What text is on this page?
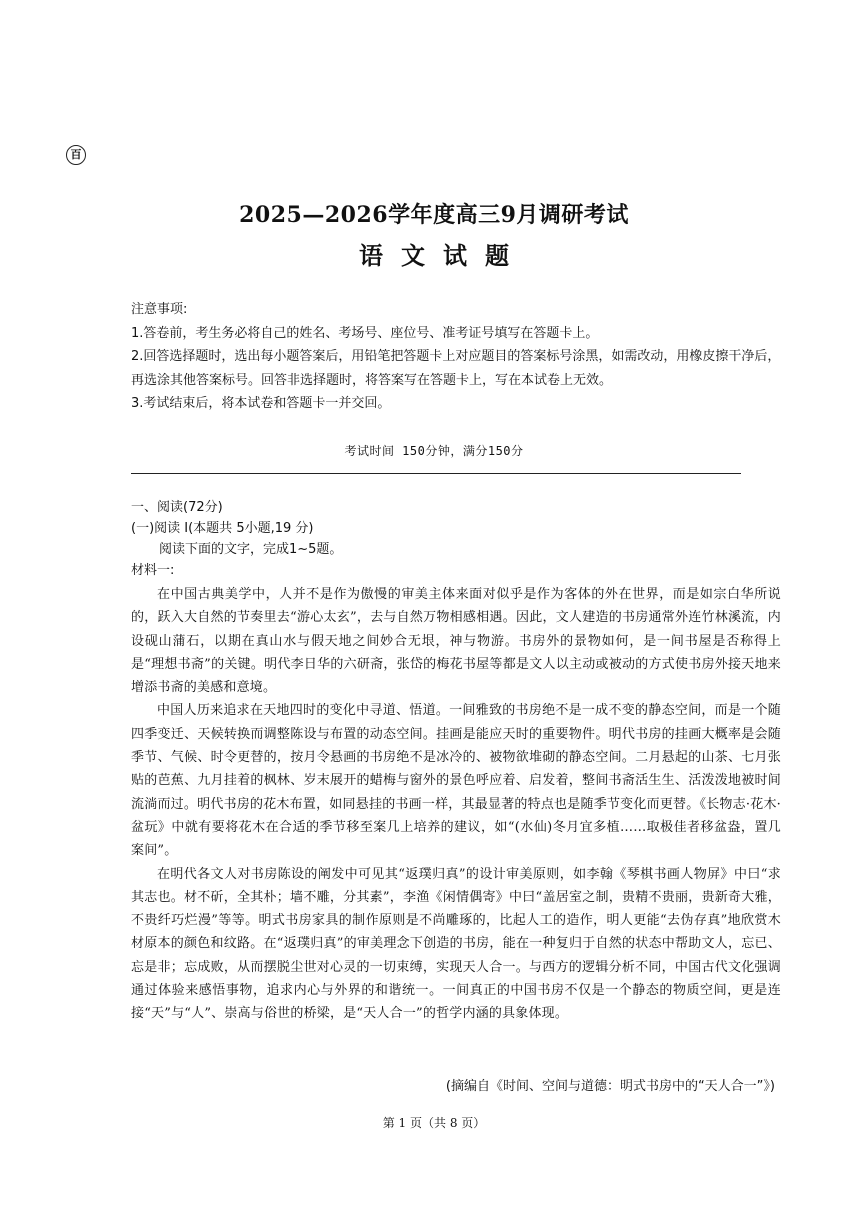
百
2025—2026学年度高三9月调研考试
语文试题

注意事项:

1.答卷前，考生务必将自己的姓名、考场号、座位号、准考证号填写在答题卡上。

2.回答选择题时，选出每小题答案后，用铅笔把答题卡上对应题目的答案标号涂黑，如需改动，用橡皮擦干净后，再选涂其他答案标号。回答非选择题时，将答案写在答题卡上，写在本试卷上无效。

3.考试结束后，将本试卷和答题卡一并交回。

考试时间 150分钟，满分150分

一、阅读(72分)

(一)阅读 Ⅰ(本题共 5小题,19 分)

阅读下面的文字，完成1~5题。

材料一:

在中国古典美学中，人并不是作为傲慢的审美主体来面对似乎是作为客体的外在世界，而是如宗白华所说的，跃入大自然的节奏里去“游心太玄”，去与自然万物相感相遇。因此，文人建造的书房通常外连竹林溪流，内设砚山蒲石，以期在真山水与假天地之间妙合无垠，神与物游。书房外的景物如何，是一间书屋是否称得上是“理想书斋”的关键。明代李日华的六研斋，张岱的梅花书屋等都是文人以主动或被动的方式使书房外接天地来增添书斋的美感和意境。

中国人历来追求在天地四时的变化中寻道、悟道。一间雅致的书房绝不是一成不变的静态空间，而是一个随四季变迁、天候转换而调整陈设与布置的动态空间。挂画是能应天时的重要物件。明代书房的挂画大概率是会随季节、气候、时令更替的，按月令悬画的书房绝不是冰冷的、被物欲堆砌的静态空间。二月悬起的山茶、七月张贴的芭蕉、九月挂着的枫林、岁末展开的蜡梅与窗外的景色呼应着、启发着，整间书斋活生生、活泼泼地被时间流淌而过。明代书房的花木布置，如同悬挂的书画一样，其最显著的特点也是随季节变化而更替。《长物志·花木·盆玩》中就有要将花木在合适的季节移至案几上培养的建议，如“(水仙)冬月宜多植……取极佳者移盆盎，置几案间”。

在明代各文人对书房陈设的阐发中可见其“返璞归真”的设计审美原则，如李翰《琴棋书画人物屏》中曰“求其志也。材不斫，全其朴；墙不雕，分其素”，李渔《闲情偶寄》中曰“盖居室之制，贵精不贵丽，贵新奇大雅，不贵纤巧烂漫”等等。明式书房家具的制作原则是不尚雕琢的，比起人工的造作，明人更能“去伪存真”地欣赏木材原本的颜色和纹路。在“返璞归真”的审美理念下创造的书房，能在一种复归于自然的状态中帮助文人，忘已、忘是非；忘成败，从而摆脱尘世对心灵的一切束缚，实现天人合一。与西方的逻辑分析不同，中国古代文化强调通过体验来感悟事物，追求内心与外界的和谐统一。一间真正的中国书房不仅是一个静态的物质空间，更是连接“天”与“人”、崇高与俗世的桥梁，是“天人合一”的哲学内涵的具象体现。

(摘编自《时间、空间与道德：明式书房中的“天人合一”》)
第 1 页（共 8 页）
